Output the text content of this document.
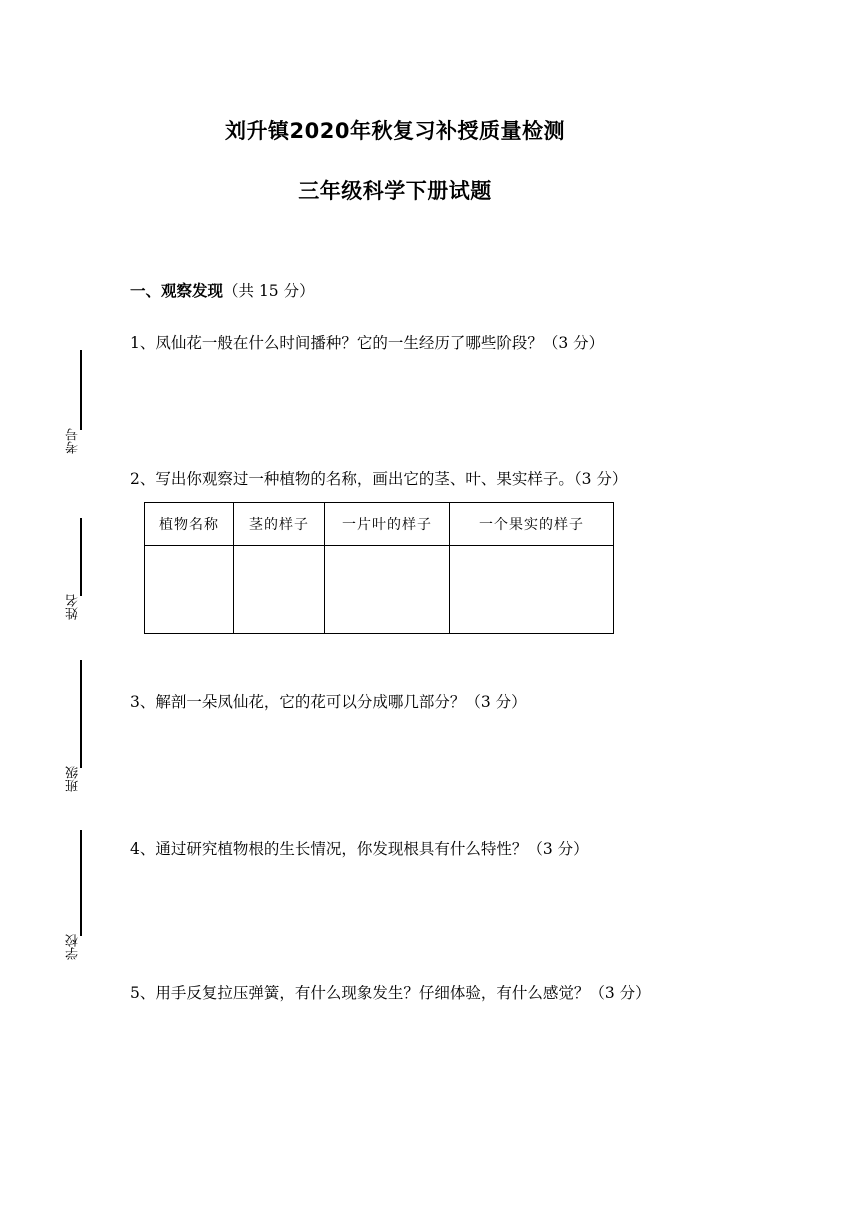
考号
姓名
班级
学校
刘升镇2020年秋复习补授质量检测
三年级科学下册试题
一、观察发现（共 15 分）
1、凤仙花一般在什么时间播种？它的一生经历了哪些阶段？（3 分）
2、写出你观察过一种植物的名称，画出它的茎、叶、果实样子。（3 分）
植物名称	茎的样子	一片叶的样子	一个果实的样子

3、解剖一朵凤仙花，它的花可以分成哪几部分？（3 分）
4、通过研究植物根的生长情况，你发现根具有什么特性？（3 分）
5、用手反复拉压弹簧，有什么现象发生？仔细体验，有什么感觉？（3 分）
